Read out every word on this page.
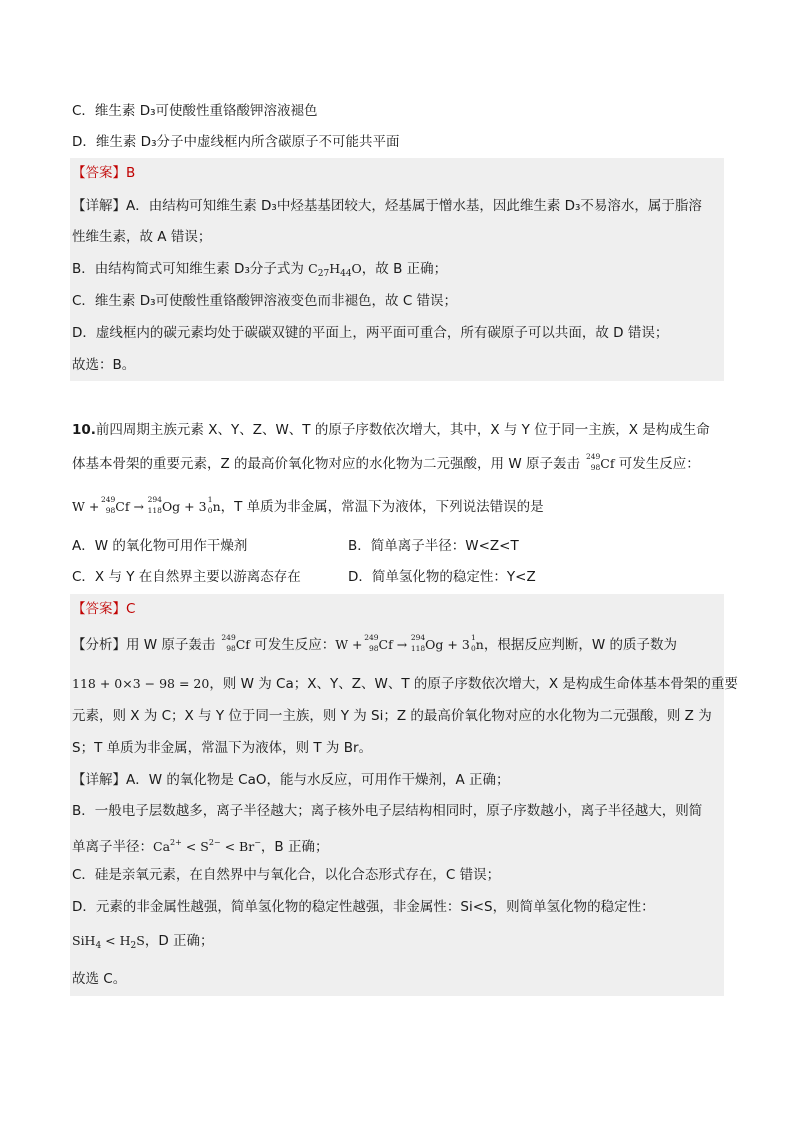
C．维生素 D₃可使酸性重铬酸钾溶液褪色
D．维生素 D₃分子中虚线框内所含碳原子不可能共平面
【答案】B
【详解】A．由结构可知维生素 D₃中烃基基团较大，烃基属于憎水基，因此维生素 D₃不易溶水，属于脂溶
性维生素，故 A 错误；
B．由结构简式可知维生素 D₃分子式为 $C_{27}H_{44}O$，故 B 正确；
C．维生素 D₃可使酸性重铬酸钾溶液变色而非褪色，故 C 错误；
D．虚线框内的碳元素均处于碳碳双键的平面上，两平面可重合，所有碳原子可以共面，故 D 错误；
故选：B。
10.前四周期主族元素 X、Y、Z、W、T 的原子序数依次增大，其中，X 与 Y 位于同一主族，X 是构成生命
体基本骨架的重要元素，Z 的最高价氧化物对应的水化物为二元强酸，用 W 原子轰击 249
98 Cf 可发生反应：
W + 249
98 Cf → 294
118 Og + 3 1
0 n，T 单质为非金属，常温下为液体，下列说法错误的是
A．W 的氧化物可用作干燥剂	B．简单离子半径：W<Z<T
C．X 与 Y 在自然界主要以游离态存在	D．简单氢化物的稳定性：Y<Z
【答案】C
【分析】用 W 原子轰击 249
98 Cf 可发生反应：W + 249
98 Cf → 294
118 Og + 3 1
0 n，根据反应判断，W 的质子数为
118 + 0×3 − 98 = 20，则 W 为 Ca；X、Y、Z、W、T 的原子序数依次增大，X 是构成生命体基本骨架的重要
元素，则 X 为 C；X 与 Y 位于同一主族，则 Y 为 Si；Z 的最高价氧化物对应的水化物为二元强酸，则 Z 为
S；T 单质为非金属，常温下为液体，则 T 为 Br。
【详解】A．W 的氧化物是 CaO，能与水反应，可用作干燥剂，A 正确；
B．一般电子层数越多，离子半径越大；离子核外电子层结构相同时，原子序数越小，离子半径越大，则简
单离子半径：$Ca^{2+} < S^{2-} < Br^-$，B 正确；
C．硅是亲氧元素，在自然界中与氧化合，以化合态形式存在，C 错误；
D．元素的非金属性越强，简单氢化物的稳定性越强，非金属性：Si<S，则简单氢化物的稳定性：
$SiH_4 < H_2S$，D 正确；
故选 C。
